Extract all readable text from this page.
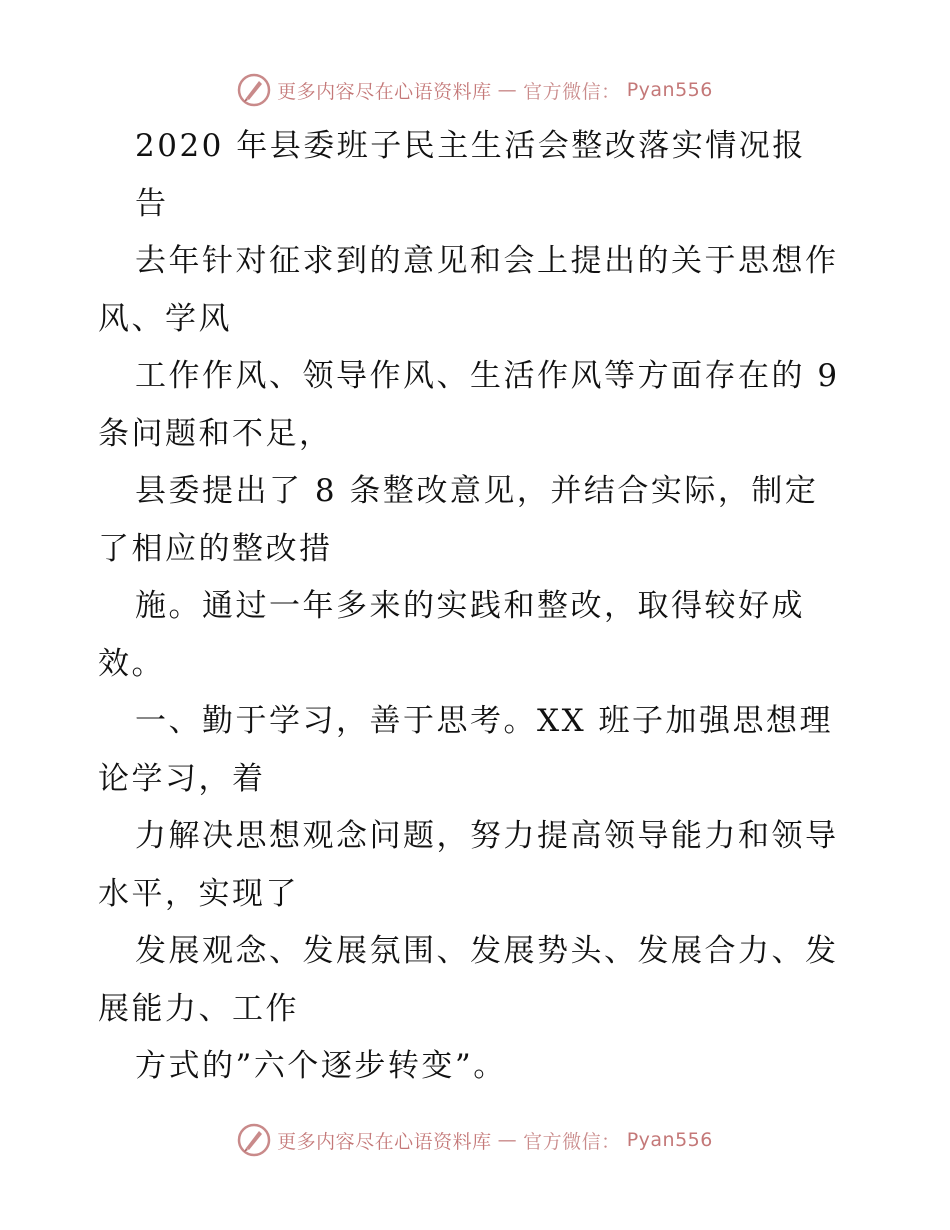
更多内容尽在心语资料库 — 官方微信： Pyan556
2020 年县委班子民主生活会整改落实情况报
告
去年针对征求到的意见和会上提出的关于思想作
风、学风
工作作风、领导作风、生活作风等方面存在的 9
条问题和不足，
县委提出了 8 条整改意见，并结合实际，制定
了相应的整改措
施。通过一年多来的实践和整改，取得较好成
效。
一、勤于学习，善于思考。XX 班子加强思想理
论学习，着
力解决思想观念问题，努力提高领导能力和领导
水平，实现了
发展观念、发展氛围、发展势头、发展合力、发
展能力、工作
方式的”六个逐步转变”。
更多内容尽在心语资料库 — 官方微信： Pyan556
